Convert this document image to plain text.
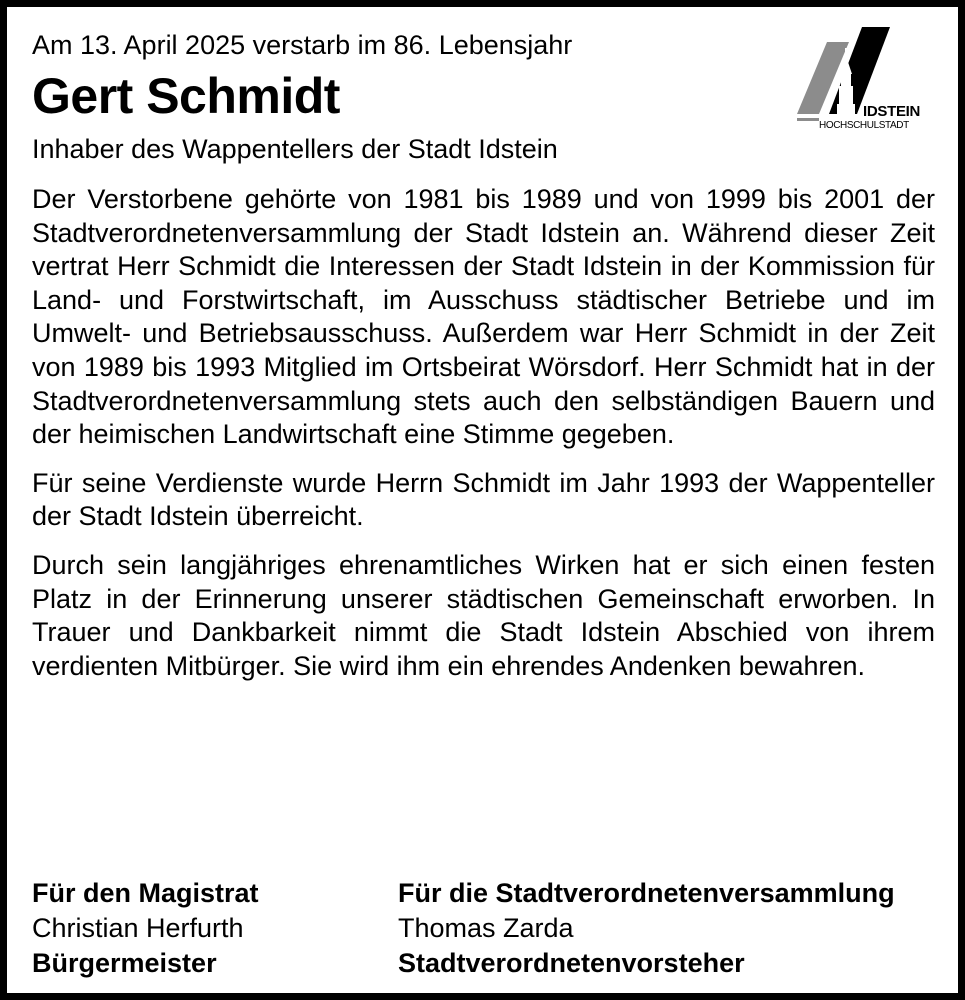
IDSTEIN
HOCHSCHULSTADT

Am 13. April 2025 verstarb im 86. Lebensjahr

Gert Schmidt

Inhaber des Wappentellers der Stadt Idstein

Der Verstorbene gehörte von 1981 bis 1989 und von 1999 bis 2001 der Stadtverordnetenversammlung der Stadt Idstein an. Während dieser Zeit vertrat Herr Schmidt die Interessen der Stadt Idstein in der Kommission für Land- und Forstwirtschaft, im Ausschuss städtischer Betriebe und im Umwelt- und Betriebsausschuss. Außerdem war Herr Schmidt in der Zeit von 1989 bis 1993 Mitglied im Ortsbeirat Wörsdorf. Herr Schmidt hat in der Stadtverordnetenversammlung stets auch den selbständigen Bauern und der heimischen Landwirtschaft eine Stimme gegeben.

Für seine Verdienste wurde Herrn Schmidt im Jahr 1993 der Wappenteller der Stadt Idstein überreicht.

Durch sein langjähriges ehrenamtliches Wirken hat er sich einen festen Platz in der Erinnerung unserer städtischen Gemeinschaft erworben. In Trauer und Dankbarkeit nimmt die Stadt Idstein Abschied von ihrem verdienten Mitbürger. Sie wird ihm ein ehrendes Andenken bewahren.

Für den Magistrat
Christian Herfurth
Bürgermeister
Für die Stadtverordnetenversammlung
Thomas Zarda
Stadtverordnetenvorsteher
